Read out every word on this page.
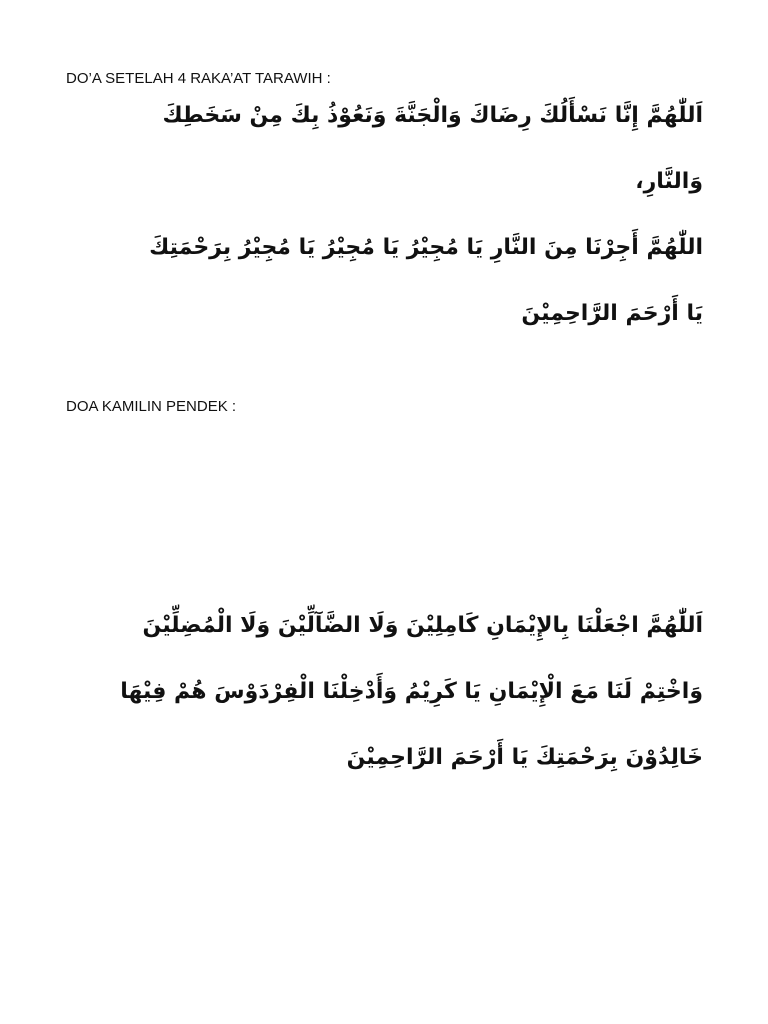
DO’A SETELAH 4 RAKA’AT TARAWIH :
اَللّٰهُمَّ إِنَّا نَسْأَلُكَ رِضَاكَ وَالْجَنَّةَ وَنَعُوْذُ بِكَ مِنْ سَخَطِكَ
وَالنَّارِ،
اللّٰهُمَّ أَجِرْنَا مِنَ النَّارِ يَا مُجِيْرُ يَا مُجِيْرُ يَا مُجِيْرُ بِرَحْمَتِكَ
يَا أَرْحَمَ الرَّاحِمِيْنَ
DOA KAMILIN PENDEK :
اَللّٰهُمَّ اجْعَلْنَا بِالإِيْمَانِ كَامِلِيْنَ وَلَا الضَّآلِّيْنَ وَلَا الْمُضِلِّيْنَ
وَاخْتِمْ لَنَا مَعَ الْإِيْمَانِ يَا كَرِيْمُ وَأَدْخِلْنَا الْفِرْدَوْسَ هُمْ فِيْهَا
خَالِدُوْنَ بِرَحْمَتِكَ يَا أَرْحَمَ الرَّاحِمِيْنَ
